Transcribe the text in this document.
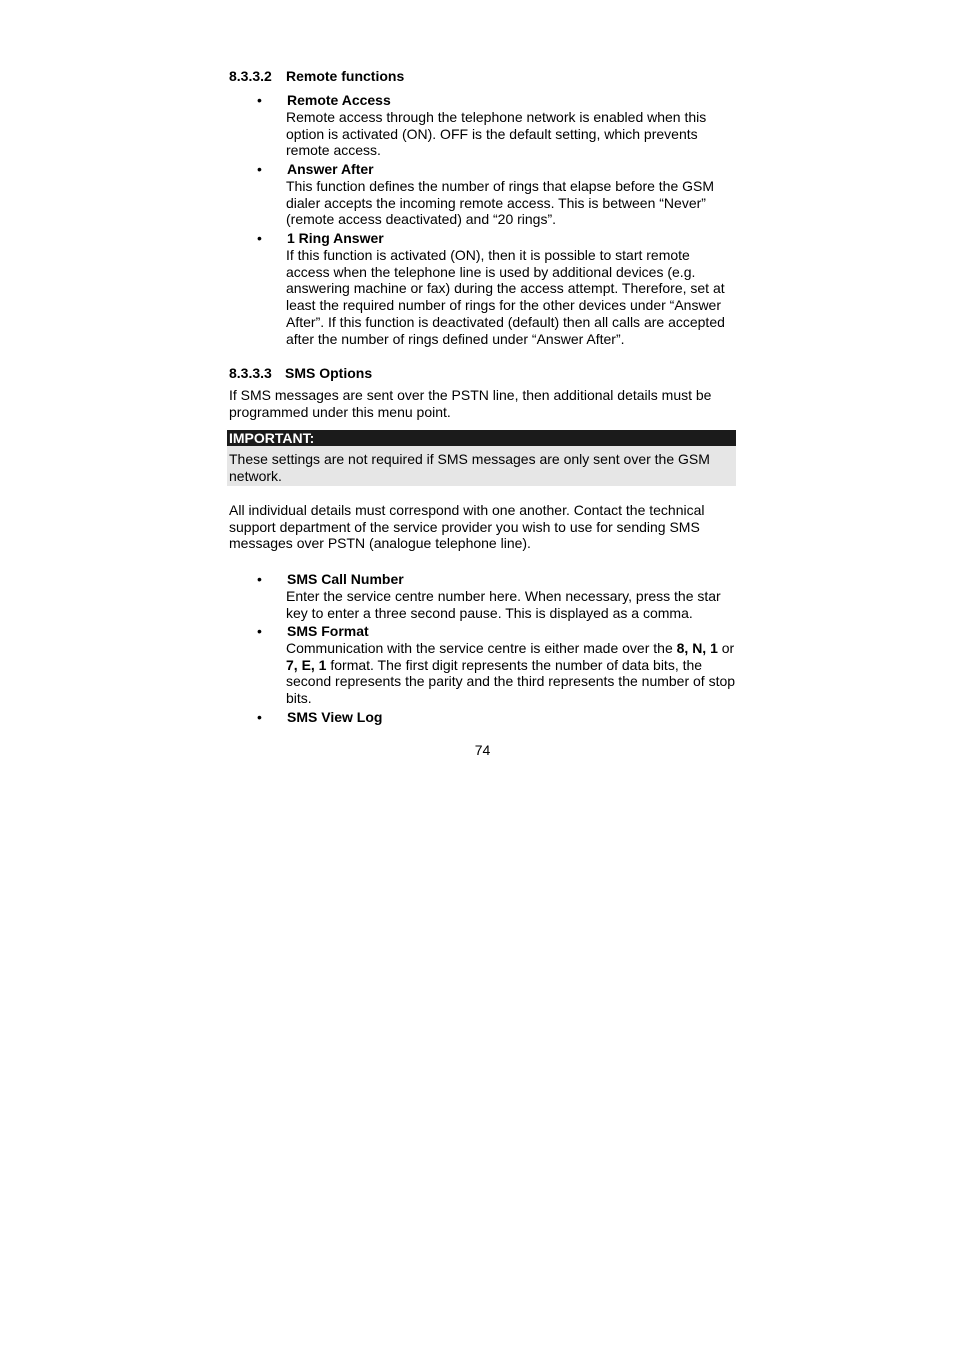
8.3.3.2 Remote functions
• Remote Access
Remote access through the telephone network is enabled when this option is activated (ON). OFF is the default setting, which prevents remote access.
• Answer After
This function defines the number of rings that elapse before the GSM dialer accepts the incoming remote access. This is between “Never” (remote access deactivated) and “20 rings”.
• 1 Ring Answer
If this function is activated (ON), then it is possible to start remote access when the telephone line is used by additional devices (e.g. answering machine or fax) during the access attempt. Therefore, set at least the required number of rings for the other devices under “Answer After”. If this function is deactivated (default) then all calls are accepted after the number of rings defined under “Answer After”.
8.3.3.3 SMS Options
If SMS messages are sent over the PSTN line, then additional details must be programmed under this menu point.
IMPORTANT:
These settings are not required if SMS messages are only sent over the GSM network.
All individual details must correspond with one another. Contact the technical support department of the service provider you wish to use for sending SMS messages over PSTN (analogue telephone line).
• SMS Call Number
Enter the service centre number here. When necessary, press the star key to enter a three second pause. This is displayed as a comma.
• SMS Format
Communication with the service centre is either made over the 8, N, 1 or 7, E, 1 format. The first digit represents the number of data bits, the second represents the parity and the third represents the number of stop bits.
• SMS View Log
74
